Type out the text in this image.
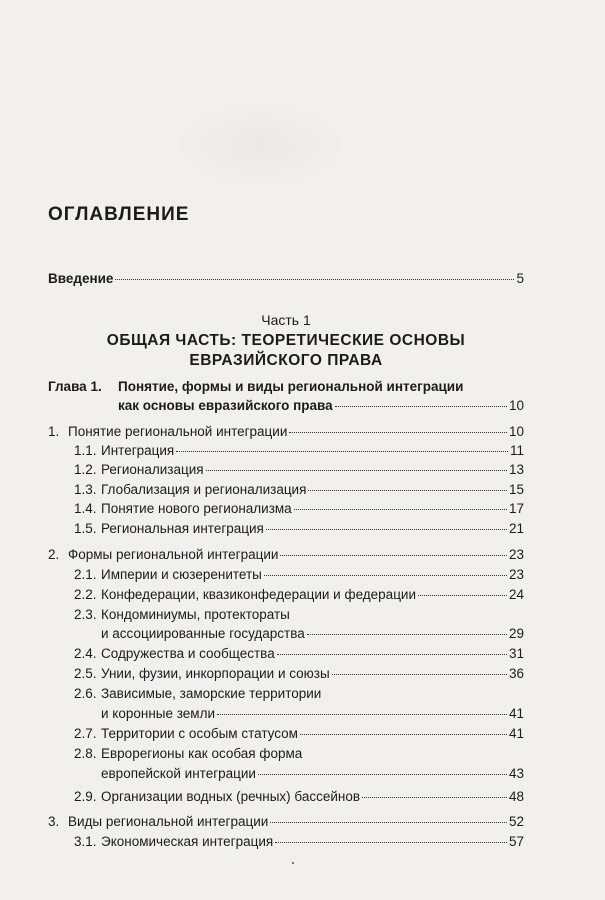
ОГЛАВЛЕНИЕ
Введение	5
Часть 1
ОБЩАЯ ЧАСТЬ: ТЕОРЕТИЧЕСКИЕ ОСНОВЫ
ЕВРАЗИЙСКОГО ПРАВА
Глава 1. Понятие, формы и виды региональной интеграции
как основы евразийского права	10
1. Понятие региональной интеграции	10
1.1. Интеграция	11
1.2. Регионализация	13
1.3. Глобализация и регионализация	15
1.4. Понятие нового регионализма	17
1.5. Региональная интеграция	21
2. Формы региональной интеграции	23
2.1. Империи и сюзеренитеты	23
2.2. Конфедерации, квазиконфедерации и федерации	24
2.3. Кондоминиумы, протектораты
и ассоциированные государства	29
2.4. Содружества и сообщества	31
2.5. Унии, фузии, инкорпорации и союзы	36
2.6. Зависимые, заморские территории
и коронные земли	41
2.7. Территории с особым статусом	41
2.8. Еврорегионы как особая форма
европейской интеграции	43
2.9. Организации водных (речных) бассейнов	48
3. Виды региональной интеграции	52
3.1. Экономическая интеграция	57
